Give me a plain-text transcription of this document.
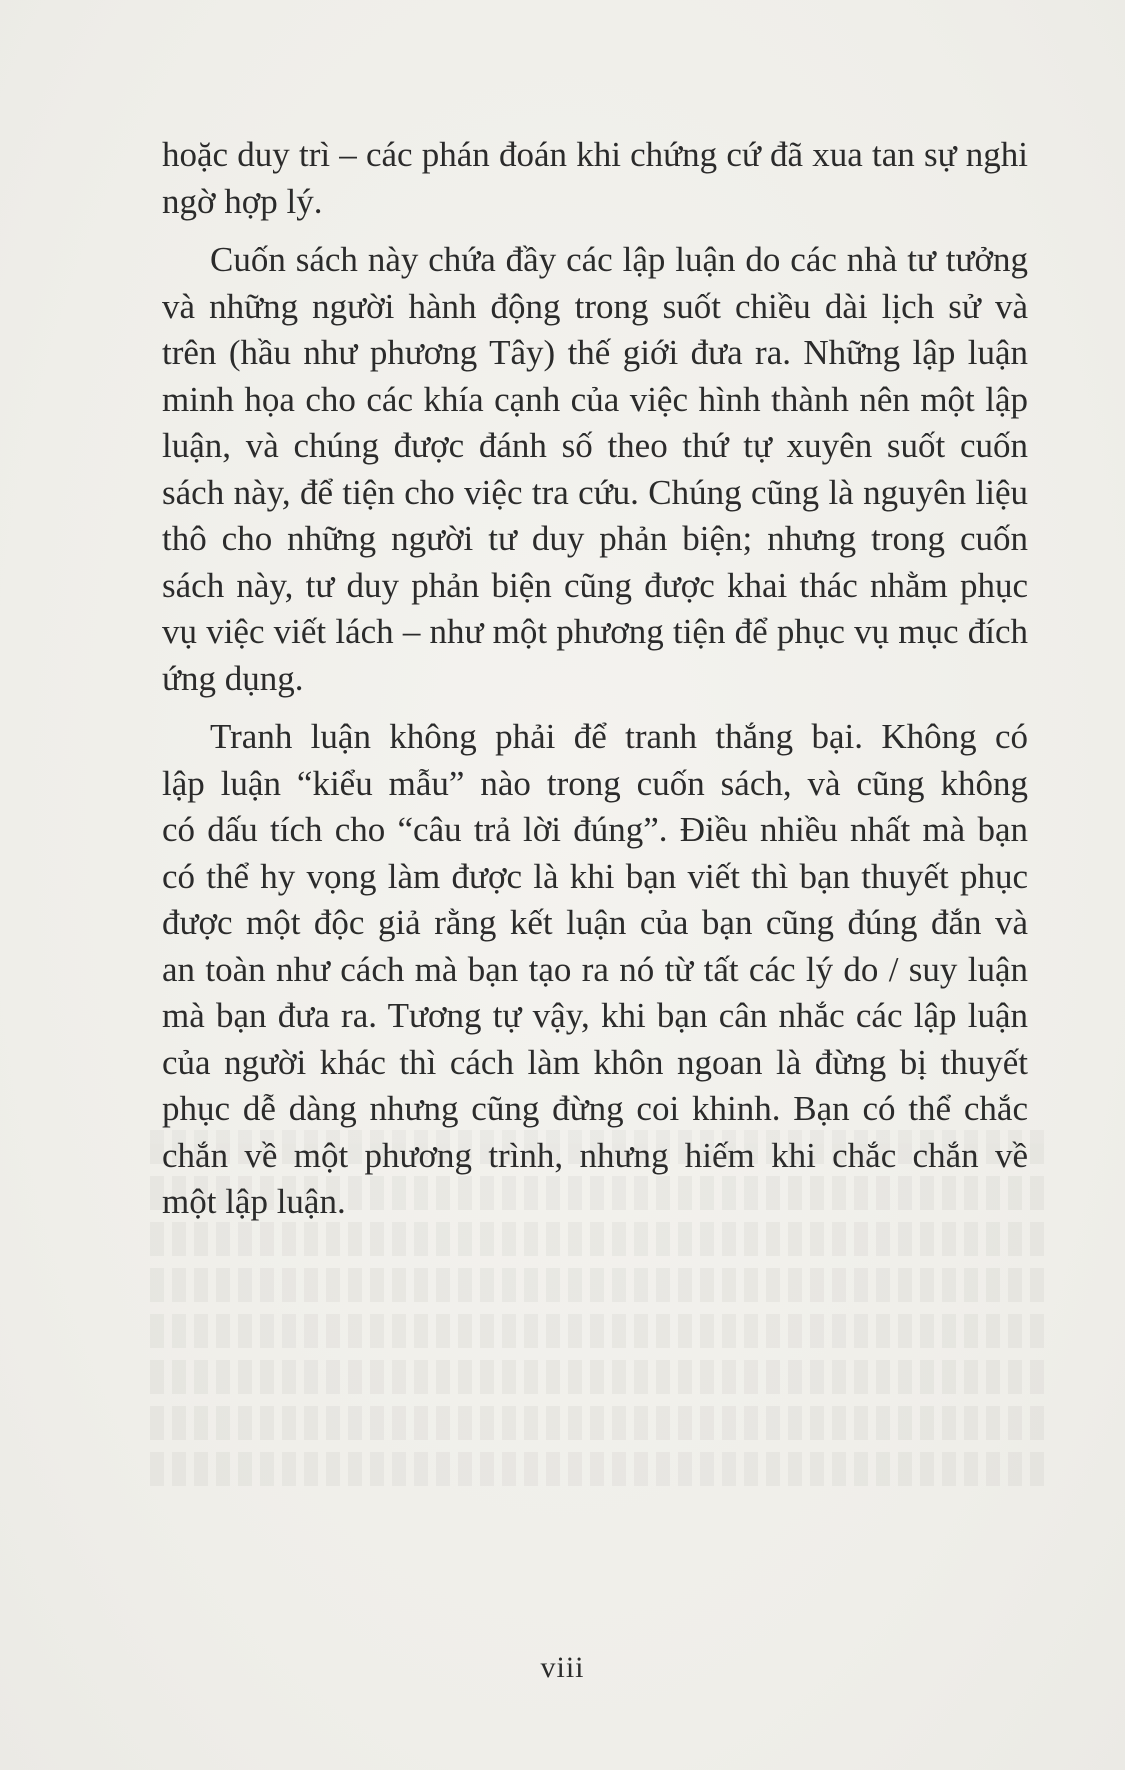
hoặc duy trì – các phán đoán khi chứng cứ đã xua tan sự nghi
ngờ hợp lý.

Cuốn sách này chứa đầy các lập luận do các nhà tư tưởng
và những người hành động trong suốt chiều dài lịch sử và
trên (hầu như phương Tây) thế giới đưa ra. Những lập luận
minh họa cho các khía cạnh của việc hình thành nên một lập
luận, và chúng được đánh số theo thứ tự xuyên suốt cuốn
sách này, để tiện cho việc tra cứu. Chúng cũng là nguyên liệu
thô cho những người tư duy phản biện; nhưng trong cuốn
sách này, tư duy phản biện cũng được khai thác nhằm phục
vụ việc viết lách – như một phương tiện để phục vụ mục đích
ứng dụng.

Tranh luận không phải để tranh thắng bại. Không có
lập luận “kiểu mẫu” nào trong cuốn sách, và cũng không
có dấu tích cho “câu trả lời đúng”. Điều nhiều nhất mà bạn
có thể hy vọng làm được là khi bạn viết thì bạn thuyết phục
được một độc giả rằng kết luận của bạn cũng đúng đắn và
an toàn như cách mà bạn tạo ra nó từ tất các lý do / suy luận
mà bạn đưa ra. Tương tự vậy, khi bạn cân nhắc các lập luận
của người khác thì cách làm khôn ngoan là đừng bị thuyết
phục dễ dàng nhưng cũng đừng coi khinh. Bạn có thể chắc
chắn về một phương trình, nhưng hiếm khi chắc chắn về
một lập luận.

viii
